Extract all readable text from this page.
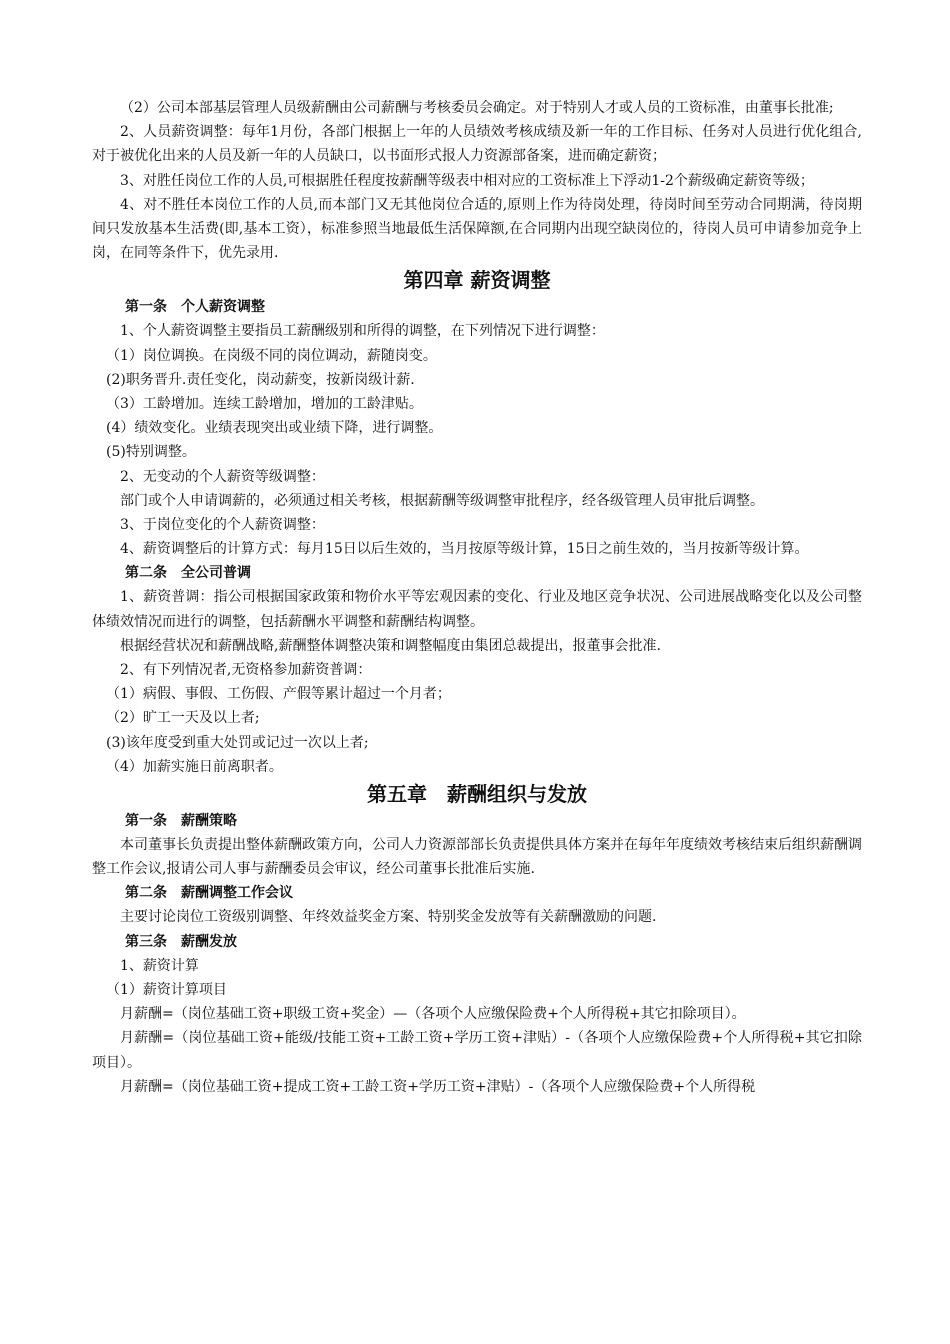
（2）公司本部基层管理人员级薪酬由公司薪酬与考核委员会确定。对于特别人才或人员的工资标准，由董事长批准;

2、人员薪资调整：每年1月份，各部门根据上一年的人员绩效考核成绩及新一年的工作目标、任务对人员进行优化组合,对于被优化出来的人员及新一年的人员缺口，以书面形式报人力资源部备案，进而确定薪资；

3、对胜任岗位工作的人员,可根据胜任程度按薪酬等级表中相对应的工资标准上下浮动1-2个薪级确定薪资等级；

4、对不胜任本岗位工作的人员,而本部门又无其他岗位合适的,原则上作为待岗处理，待岗时间至劳动合同期满，待岗期间只发放基本生活费(即,基本工资），标准参照当地最低生活保障额,在合同期内出现空缺岗位的，待岗人员可申请参加竞争上岗，在同等条件下，优先录用.

第四章 薪资调整
第一条　个人薪资调整

1、个人薪资调整主要指员工薪酬级别和所得的调整，在下列情况下进行调整：

（1）岗位调换。在岗级不同的岗位调动，薪随岗变。

(2)职务晋升.责任变化，岗动薪变，按新岗级计薪.

（3）工龄增加。连续工龄增加，增加的工龄津贴。

(4）绩效变化。业绩表现突出或业绩下降，进行调整。

(5)特别调整。

2、无变动的个人薪资等级调整：

部门或个人申请调薪的，必须通过相关考核，根据薪酬等级调整审批程序，经各级管理人员审批后调整。

3、于岗位变化的个人薪资调整：

4、薪资调整后的计算方式：每月15日以后生效的，当月按原等级计算，15日之前生效的，当月按新等级计算。

第二条　全公司普调

1、薪资普调：指公司根据国家政策和物价水平等宏观因素的变化、行业及地区竞争状况、公司进展战略变化以及公司整体绩效情况而进行的调整，包括薪酬水平调整和薪酬结构调整。

根据经营状况和薪酬战略,薪酬整体调整决策和调整幅度由集团总裁提出，报董事会批准.

2、有下列情况者,无资格参加薪资普调：

（1）病假、事假、工伤假、产假等累计超过一个月者；

（2）旷工一天及以上者;

(3)该年度受到重大处罚或记过一次以上者;

（4）加薪实施日前离职者。

第五章　薪酬组织与发放
第一条　薪酬策略

本司董事长负责提出整体薪酬政策方向，公司人力资源部部长负责提供具体方案并在每年年度绩效考核结束后组织薪酬调整工作会议,报请公司人事与薪酬委员会审议，经公司董事长批准后实施.

第二条　薪酬调整工作会议

主要讨论岗位工资级别调整、年终效益奖金方案、特别奖金发放等有关薪酬激励的问题.

第三条　薪酬发放

1、薪资计算

（1）薪资计算项目

月薪酬=（岗位基础工资+职级工资+奖金）—（各项个人应缴保险费+个人所得税+其它扣除项目）。

月薪酬=（岗位基础工资+能级/技能工资+工龄工资+学历工资+津贴）-（各项个人应缴保险费+个人所得税+其它扣除项目）。

月薪酬=（岗位基础工资+提成工资+工龄工资+学历工资+津贴）-（各项个人应缴保险费+个人所得税
